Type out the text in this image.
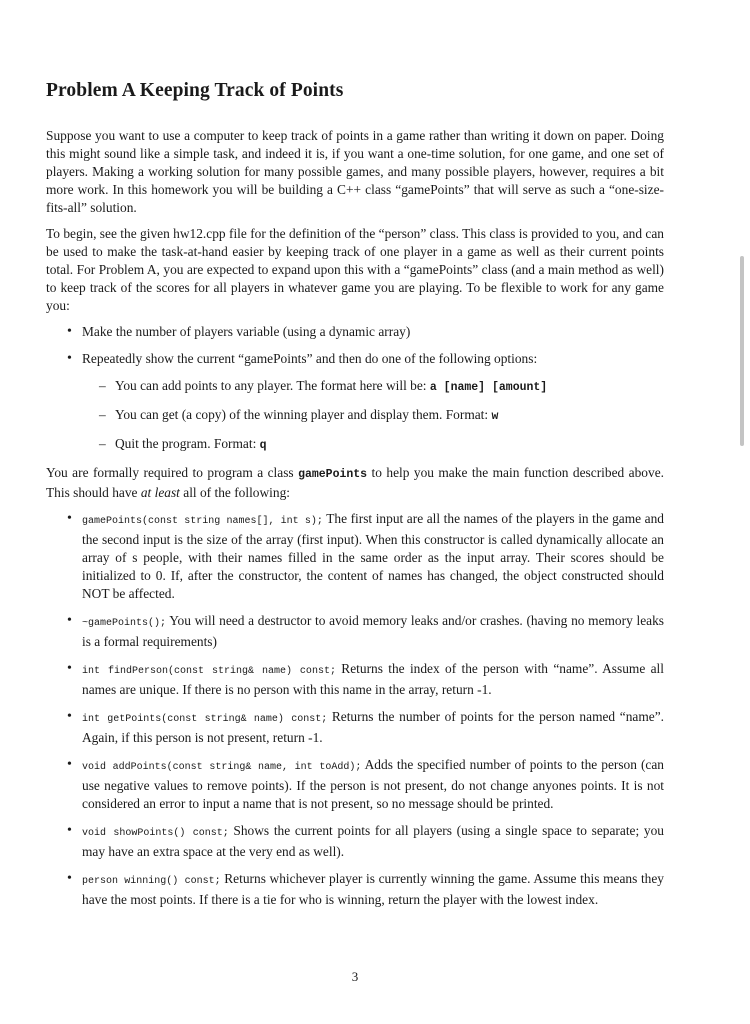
Problem A Keeping Track of Points

Suppose you want to use a computer to keep track of points in a game rather than writing it down on paper. Doing this might sound like a simple task, and indeed it is, if you want a one-time solution, for one game, and one set of players. Making a working solution for many possible games, and many possible players, however, requires a bit more work. In this homework you will be building a C++ class “gamePoints” that will serve as such a “one-size-fits-all” solution.

To begin, see the given hw12.cpp file for the definition of the “person” class. This class is provided to you, and can be used to make the task-at-hand easier by keeping track of one player in a game as well as their current points total. For Problem A, you are expected to expand upon this with a “gamePoints” class (and a main method as well) to keep track of the scores for all players in whatever game you are playing. To be flexible to work for any game you:

• Make the number of players variable (using a dynamic array)
• Repeatedly show the current “gamePoints” and then do one of the following options:
– You can add points to any player. The format here will be: a [name] [amount]
– You can get (a copy) of the winning player and display them. Format: w
– Quit the program. Format: q

You are formally required to program a class gamePoints to help you make the main function described above. This should have at least all of the following:

• gamePoints(const string names[], int s); The first input are all the names of the players in the game and the second input is the size of the array (first input). When this constructor is called dynamically allocate an array of s people, with their names filled in the same order as the input array. Their scores should be initialized to 0. If, after the constructor, the content of names has changed, the object constructed should NOT be affected.
• ~gamePoints(); You will need a destructor to avoid memory leaks and/or crashes. (having no memory leaks is a formal requirements)
• int findPerson(const string& name) const; Returns the index of the person with “name”. Assume all names are unique. If there is no person with this name in the array, return -1.
• int getPoints(const string& name) const; Returns the number of points for the person named “name”. Again, if this person is not present, return -1.
• void addPoints(const string& name, int toAdd); Adds the specified number of points to the person (can use negative values to remove points). If the person is not present, do not change anyones points. It is not considered an error to input a name that is not present, so no message should be printed.
• void showPoints() const; Shows the current points for all players (using a single space to separate; you may have an extra space at the very end as well).
• person winning() const; Returns whichever player is currently winning the game. Assume this means they have the most points. If there is a tie for who is winning, return the player with the lowest index.
3
